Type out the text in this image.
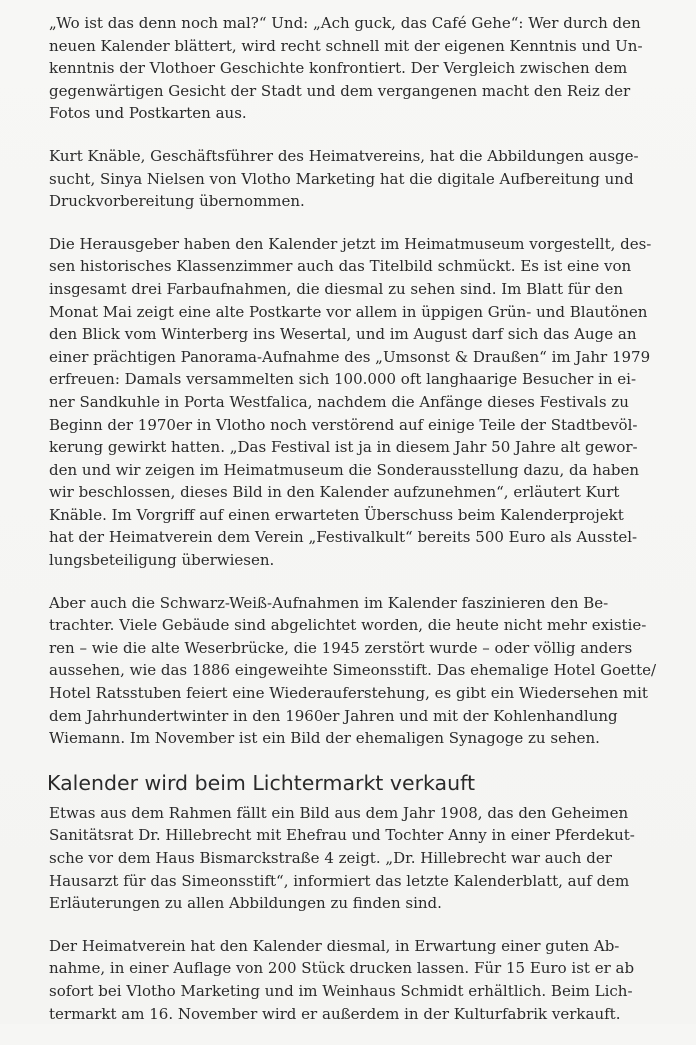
„Wo ist das denn noch mal?“ Und: „Ach guck, das Café Gehe“: Wer durch den
neuen Kalender blättert, wird recht schnell mit der eigenen Kenntnis und Un-
kenntnis der Vlothoer Geschichte konfrontiert. Der Vergleich zwischen dem
gegenwärtigen Gesicht der Stadt und dem vergangenen macht den Reiz der
Fotos und Postkarten aus.

Kurt Knäble, Geschäftsführer des Heimatvereins, hat die Abbildungen ausge-
sucht, Sinya Nielsen von Vlotho Marketing hat die digitale Aufbereitung und
Druckvorbereitung übernommen.

Die Herausgeber haben den Kalender jetzt im Heimatmuseum vorgestellt, des-
sen historisches Klassenzimmer auch das Titelbild schmückt. Es ist eine von
insgesamt drei Farbaufnahmen, die diesmal zu sehen sind. Im Blatt für den
Monat Mai zeigt eine alte Postkarte vor allem in üppigen Grün- und Blautönen
den Blick vom Winterberg ins Wesertal, und im August darf sich das Auge an
einer prächtigen Panorama-Aufnahme des „Umsonst & Draußen“ im Jahr 1979
erfreuen: Damals versammelten sich 100.000 oft langhaarige Besucher in ei-
ner Sandkuhle in Porta Westfalica, nachdem die Anfänge dieses Festivals zu
Beginn der 1970er in Vlotho noch verstörend auf einige Teile der Stadtbevöl-
kerung gewirkt hatten. „Das Festival ist ja in diesem Jahr 50 Jahre alt gewor-
den und wir zeigen im Heimatmuseum die Sonderausstellung dazu, da haben
wir beschlossen, dieses Bild in den Kalender aufzunehmen“, erläutert Kurt
Knäble. Im Vorgriff auf einen erwarteten Überschuss beim Kalenderprojekt
hat der Heimatverein dem Verein „Festivalkult“ bereits 500 Euro als Ausstel-
lungsbeteiligung überwiesen.

Aber auch die Schwarz-Weiß-Aufnahmen im Kalender faszinieren den Be-
trachter. Viele Gebäude sind abgelichtet worden, die heute nicht mehr existie-
ren – wie die alte Weserbrücke, die 1945 zerstört wurde – oder völlig anders
aussehen, wie das 1886 eingeweihte Simeonsstift. Das ehemalige Hotel Goette/
Hotel Ratsstuben feiert eine Wiederauferstehung, es gibt ein Wiedersehen mit
dem Jahrhundertwinter in den 1960er Jahren und mit der Kohlenhandlung
Wiemann. Im November ist ein Bild der ehemaligen Synagoge zu sehen.

Kalender wird beim Lichtermarkt verkauft

Etwas aus dem Rahmen fällt ein Bild aus dem Jahr 1908, das den Geheimen
Sanitätsrat Dr. Hillebrecht mit Ehefrau und Tochter Anny in einer Pferdekut-
sche vor dem Haus Bismarckstraße 4 zeigt. „Dr. Hillebrecht war auch der
Hausarzt für das Simeonsstift“, informiert das letzte Kalenderblatt, auf dem
Erläuterungen zu allen Abbildungen zu finden sind.

Der Heimatverein hat den Kalender diesmal, in Erwartung einer guten Ab-
nahme, in einer Auflage von 200 Stück drucken lassen. Für 15 Euro ist er ab
sofort bei Vlotho Marketing und im Weinhaus Schmidt erhältlich. Beim Lich-
termarkt am 16. November wird er außerdem in der Kulturfabrik verkauft.
